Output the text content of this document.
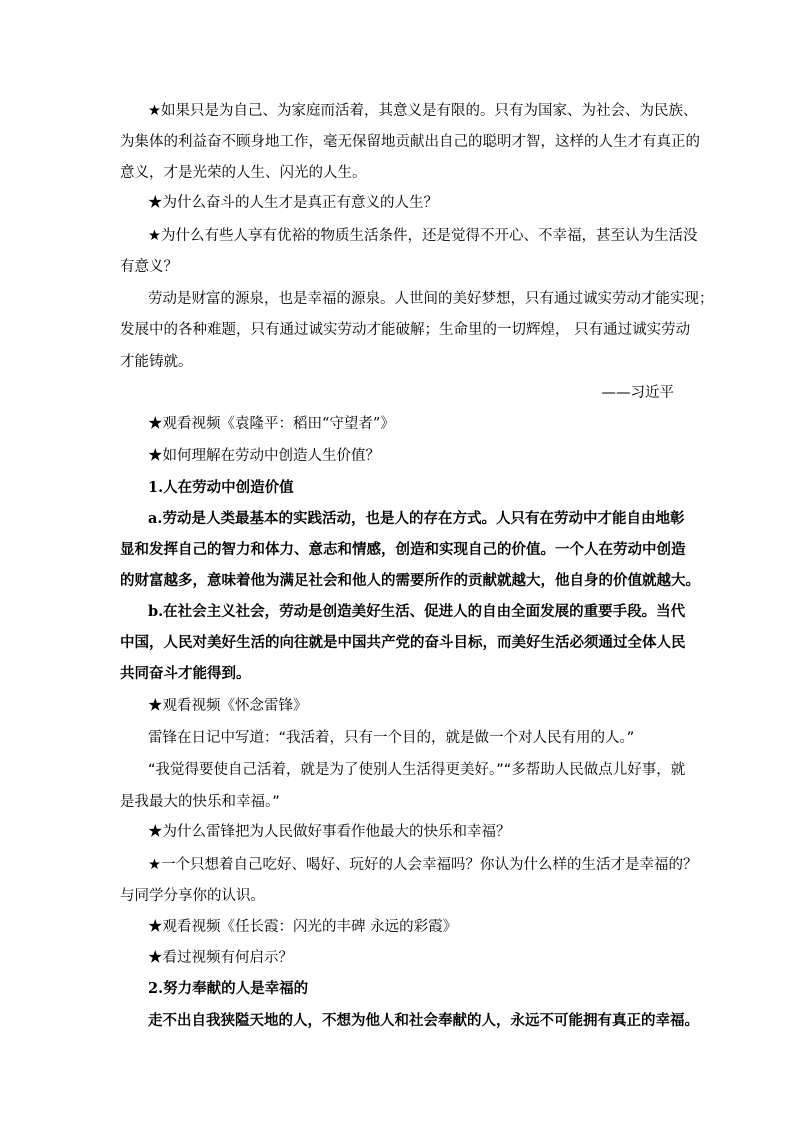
★如果只是为自己、为家庭而活着，其意义是有限的。只有为国家、为社会、为民族、
为集体的利益奋不顾身地工作，毫无保留地贡献出自己的聪明才智，这样的人生才有真正的
意义，才是光荣的人生、闪光的人生。
★为什么奋斗的人生才是真正有意义的人生？
★为什么有些人享有优裕的物质生活条件，还是觉得不开心、不幸福，甚至认为生活没
有意义？
劳动是财富的源泉，也是幸福的源泉。人世间的美好梦想，只有通过诚实劳动才能实现；
发展中的各种难题，只有通过诚实劳动才能破解；生命里的一切辉煌， 只有通过诚实劳动
才能铸就。
——习近平
★观看视频《袁隆平：稻田“守望者”》
★如何理解在劳动中创造人生价值？
1.人在劳动中创造价值
a.劳动是人类最基本的实践活动，也是人的存在方式。人只有在劳动中才能自由地彰
显和发挥自己的智力和体力、意志和情感，创造和实现自己的价值。一个人在劳动中创造
的财富越多，意味着他为满足社会和他人的需要所作的贡献就越大，他自身的价值就越大。
b.在社会主义社会，劳动是创造美好生活、促进人的自由全面发展的重要手段。当代
中国，人民对美好生活的向往就是中国共产党的奋斗目标，而美好生活必须通过全体人民
共同奋斗才能得到。
★观看视频《怀念雷锋》
雷锋在日记中写道：“我活着，只有一个目的，就是做一个对人民有用的人。”
“我觉得要使自己活着，就是为了使别人生活得更美好。”“多帮助人民做点儿好事，就
是我最大的快乐和幸福。”
★为什么雷锋把为人民做好事看作他最大的快乐和幸福？
★一个只想着自己吃好、喝好、玩好的人会幸福吗？你认为什么样的生活才是幸福的？
与同学分享你的认识。
★观看视频《任长霞：闪光的丰碑 永远的彩霞》
★看过视频有何启示？
2.努力奉献的人是幸福的
走不出自我狭隘天地的人，不想为他人和社会奉献的人，永远不可能拥有真正的幸福。
